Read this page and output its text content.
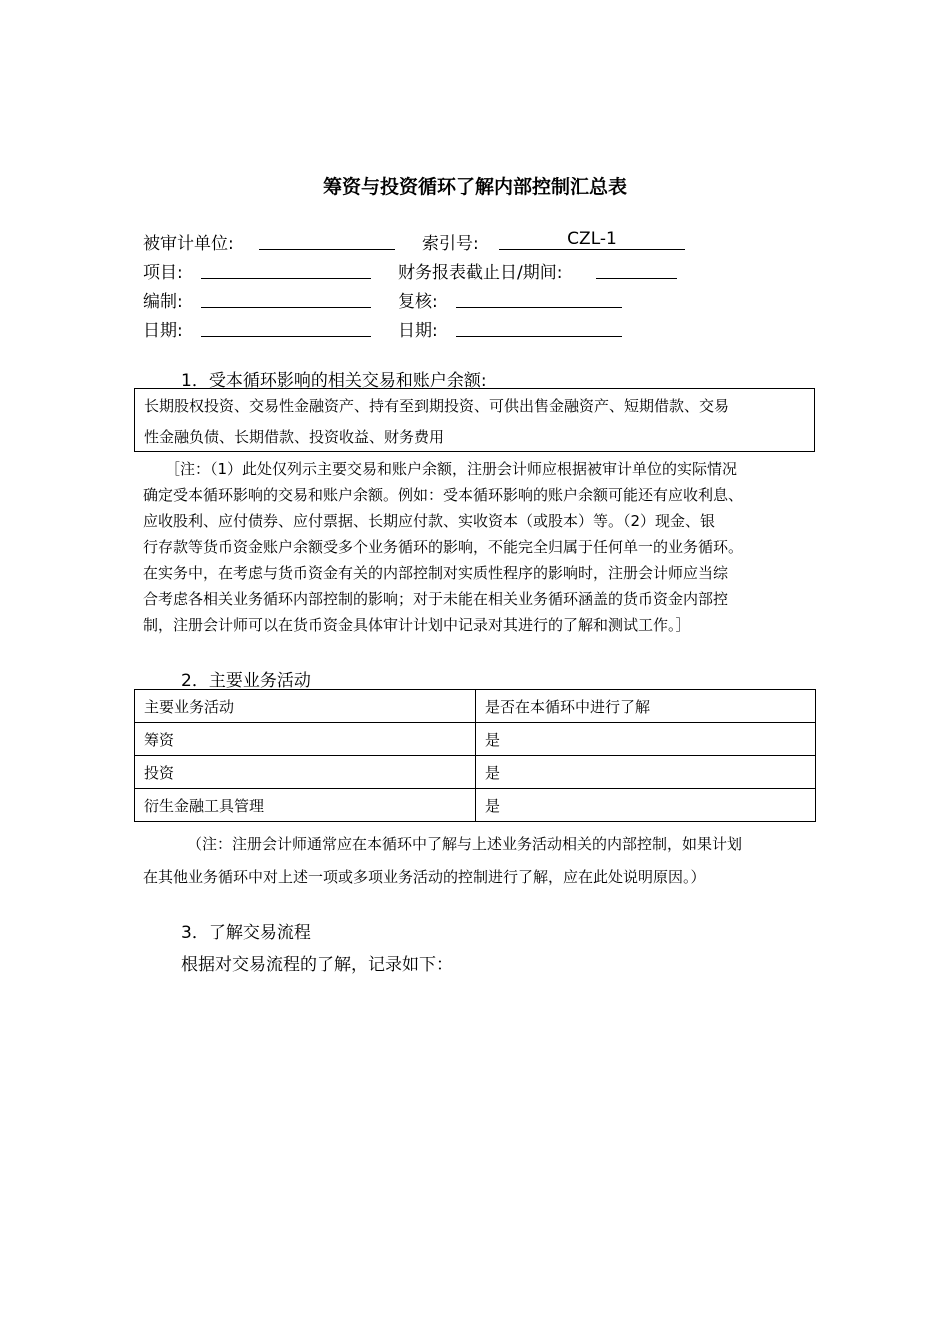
筹资与投资循环了解内部控制汇总表
被审计单位:	索引号:	CZL-1
项目:	财务报表截止日/期间:
编制:	复核:
日期:	日期:
1．受本循环影响的相关交易和账户余额:
长期股权投资、交易性金融资产、持有至到期投资、可供出售金融资产、短期借款、交易
性金融负债、长期借款、投资收益、财务费用
［注：（1）此处仅列示主要交易和账户余额，注册会计师应根据被审计单位的实际情况
确定受本循环影响的交易和账户余额。例如：受本循环影响的账户余额可能还有应收利息、
应收股利、应付债券、应付票据、长期应付款、实收资本（或股本）等。（2）现金、银
行存款等货币资金账户余额受多个业务循环的影响，不能完全归属于任何单一的业务循环。
在实务中，在考虑与货币资金有关的内部控制对实质性程序的影响时，注册会计师应当综
合考虑各相关业务循环内部控制的影响；对于未能在相关业务循环涵盖的货币资金内部控
制，注册会计师可以在货币资金具体审计计划中记录对其进行的了解和测试工作。］
2．主要业务活动
主要业务活动	是否在本循环中进行了解
筹资	是
投资	是
衍生金融工具管理	是
（注：注册会计师通常应在本循环中了解与上述业务活动相关的内部控制，如果计划
在其他业务循环中对上述一项或多项业务活动的控制进行了解，应在此处说明原因。）
3．了解交易流程
根据对交易流程的了解，记录如下：
